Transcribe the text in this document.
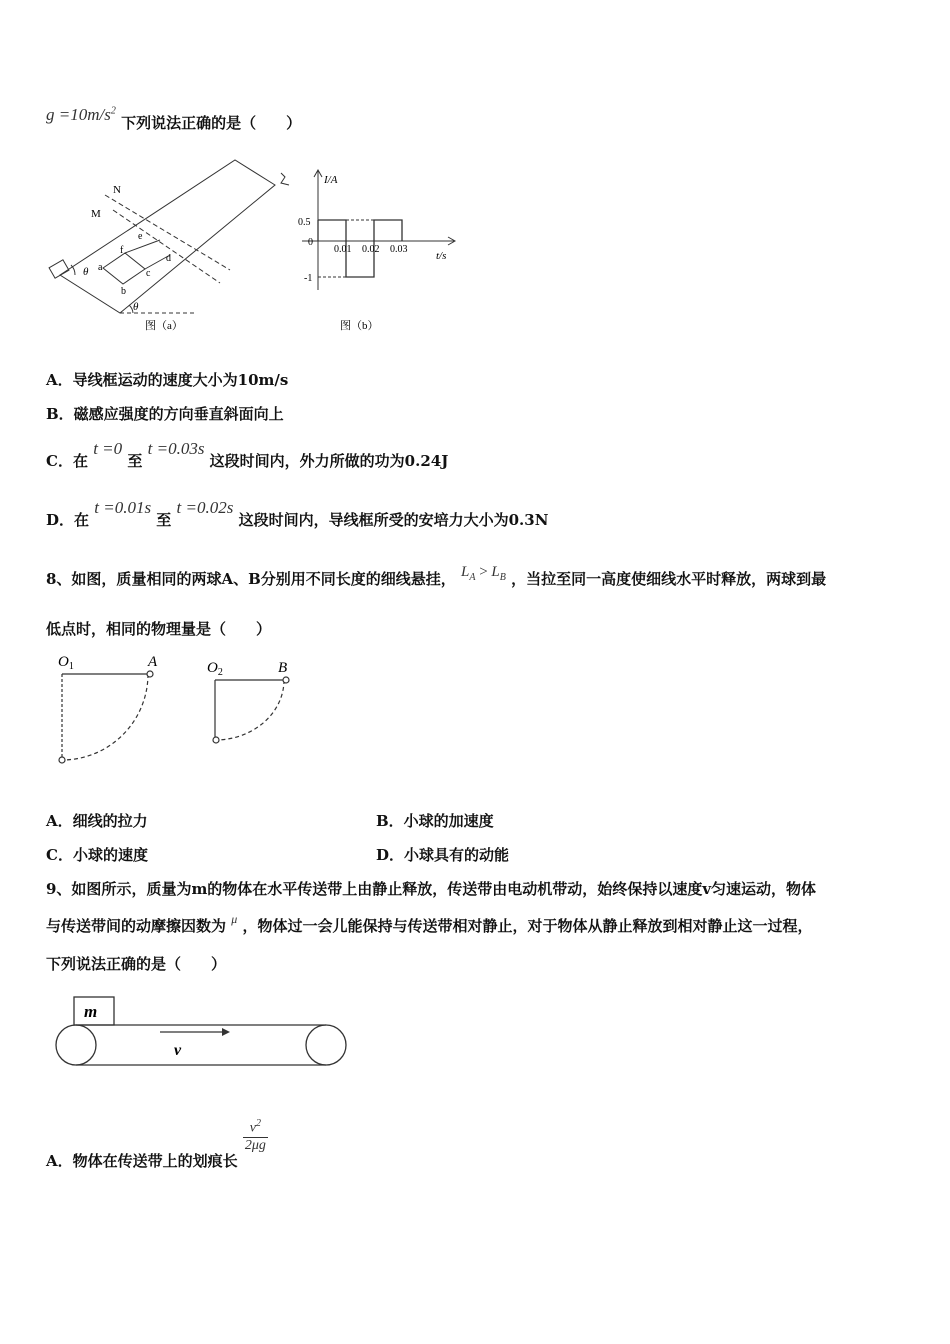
$g =10m/s^2$ 下列说法正确的是（　　）
N
M
e
f
a
b
c
d
θ
θ
图（a）
I/A
0.5
0
-1
0.01 0.02 0.03
t/s
图（b）
A．导线框运动的速度大小为10m/s
B．磁感应强度的方向垂直斜面向上
C．在 t =0 至 t =0.03s 这段时间内，外力所做的功为0.24J
D．在 t =0.01s 至 t =0.02s 这段时间内，导线框所受的安培力大小为0.3N
8、如图，质量相同的两球A、B分别用不同长度的细线悬挂， $L_A > L_B$ ，当拉至同一高度使细线水平时释放，两球到最
低点时，相同的物理量是（　　）
$O_1$	A	$O_2$	B
A．细线的拉力	B．小球的加速度
C．小球的速度	D．小球具有的动能
9、如图所示，质量为m的物体在水平传送带上由静止释放，传送带由电动机带动，始终保持以速度v匀速运动，物体
与传送带间的动摩擦因数为 $^\mu$ ，物体过一会儿能保持与传送带相对静止，对于物体从静止释放到相对静止这一过程，
下列说法正确的是（　　）
m
v
A．物体在传送带上的划痕长
$\frac{v^2}{2\mu g}$
